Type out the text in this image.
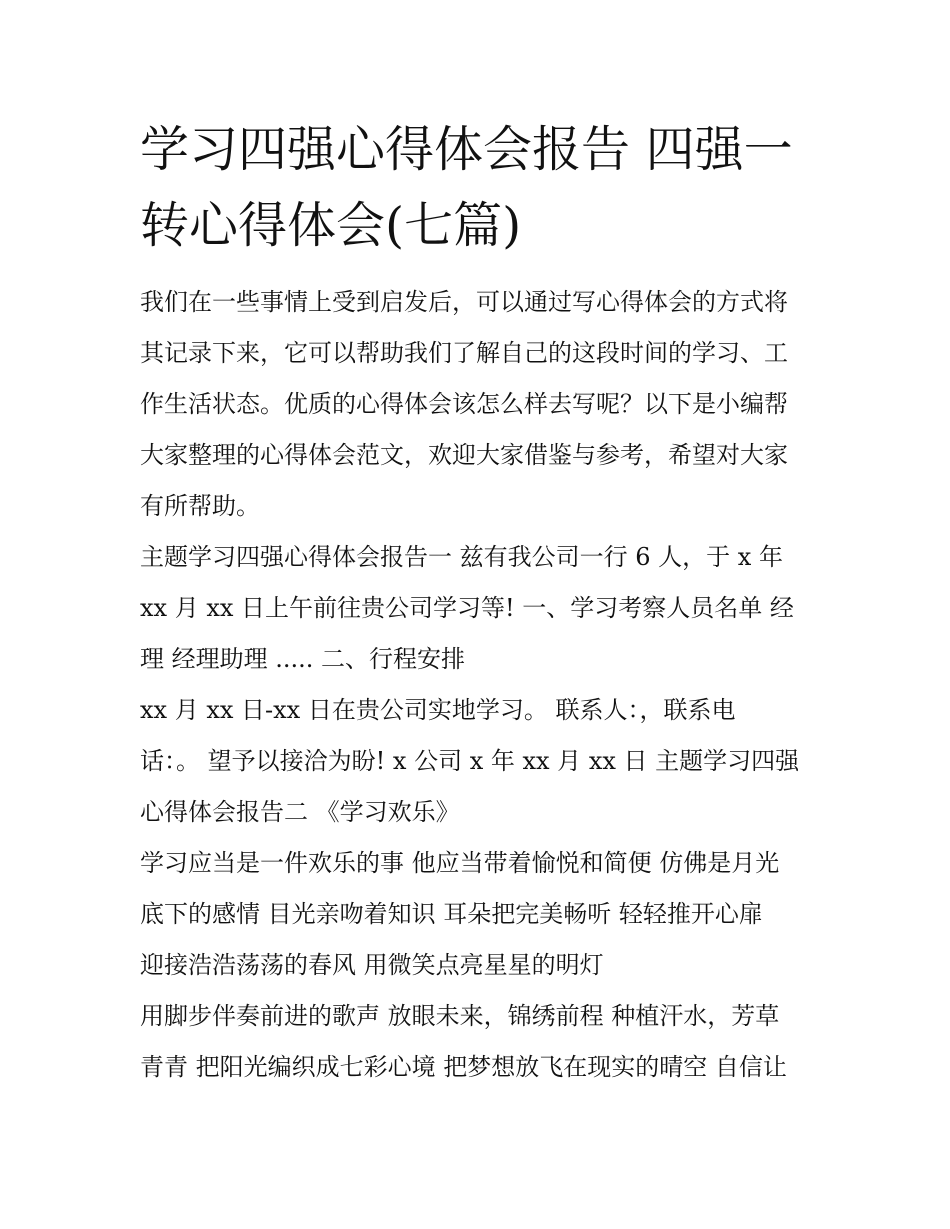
学习四强心得体会报告 四强一
转心得体会(七篇)
我们在一些事情上受到启发后，可以通过写心得体会的方式将
其记录下来，它可以帮助我们了解自己的这段时间的学习、工
作生活状态。优质的心得体会该怎么样去写呢？以下是小编帮
大家整理的心得体会范文，欢迎大家借鉴与参考，希望对大家
有所帮助。
主题学习四强心得体会报告一 兹有我公司一行 6 人，于 x 年
xx 月 xx 日上午前往贵公司学习等! 一、学习考察人员名单 经
理 经理助理 ..... 二、行程安排
xx 月 xx 日-xx 日在贵公司实地学习。 联系人：，联系电
话：。 望予以接洽为盼! x 公司 x 年 xx 月 xx 日 主题学习四强
心得体会报告二 《学习欢乐》
学习应当是一件欢乐的事 他应当带着愉悦和简便 仿佛是月光
底下的感情 目光亲吻着知识 耳朵把完美畅听 轻轻推开心扉
迎接浩浩荡荡的春风 用微笑点亮星星的明灯
用脚步伴奏前进的歌声 放眼未来，锦绣前程 种植汗水，芳草
青青 把阳光编织成七彩心境 把梦想放飞在现实的晴空 自信让
